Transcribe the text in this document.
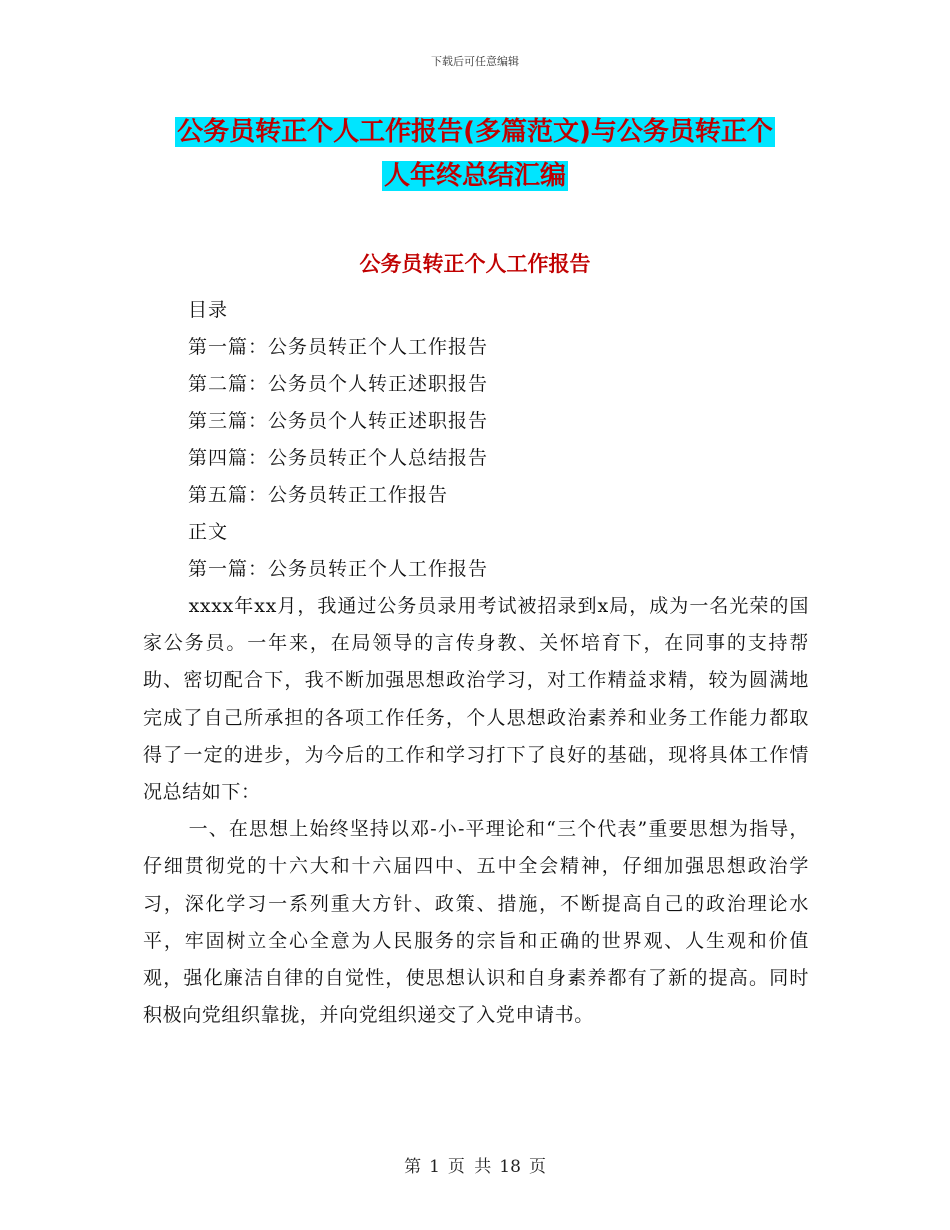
下载后可任意编辑
公务员转正个人工作报告(多篇范文)与公务员转正个
人年终总结汇编
公务员转正个人工作报告
目录
第一篇：公务员转正个人工作报告
第二篇：公务员个人转正述职报告
第三篇：公务员个人转正述职报告
第四篇：公务员转正个人总结报告
第五篇：公务员转正工作报告
正文
第一篇：公务员转正个人工作报告

xxxx年xx月，我通过公务员录用考试被招录到x局，成为一名光荣的国家公务员。一年来，在局领导的言传身教、关怀培育下，在同事的支持帮助、密切配合下，我不断加强思想政治学习，对工作精益求精，较为圆满地完成了自己所承担的各项工作任务，个人思想政治素养和业务工作能力都取得了一定的进步，为今后的工作和学习打下了良好的基础，现将具体工作情况总结如下：

一、在思想上始终坚持以邓-小-平理论和“三个代表”重要思想为指导，仔细贯彻党的十六大和十六届四中、五中全会精神，仔细加强思想政治学习，深化学习一系列重大方针、政策、措施，不断提高自己的政治理论水平，牢固树立全心全意为人民服务的宗旨和正确的世界观、人生观和价值观，强化廉洁自律的自觉性，使思想认识和自身素养都有了新的提高。同时积极向党组织靠拢，并向党组织递交了入党申请书。

第 1 页 共 18 页
